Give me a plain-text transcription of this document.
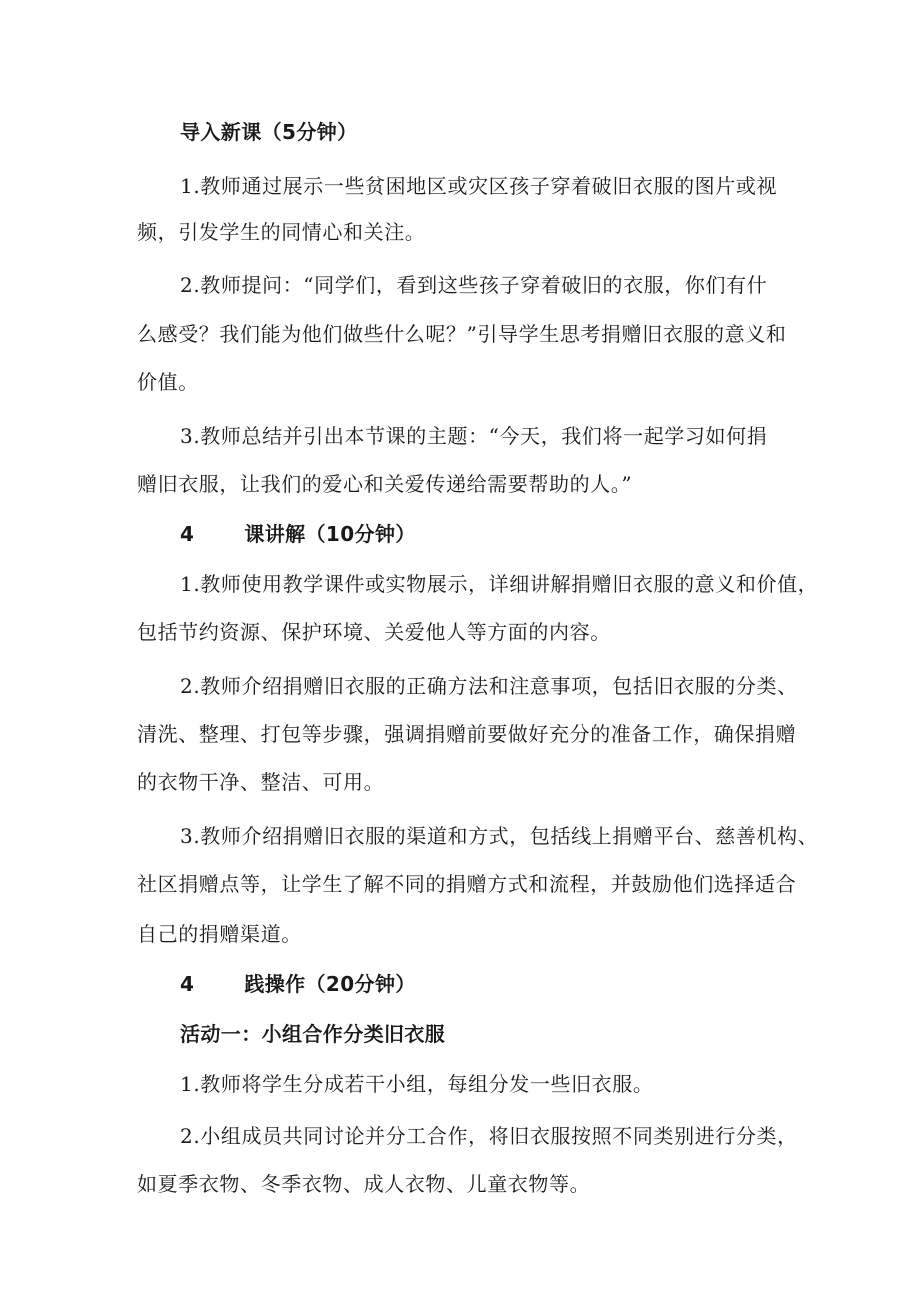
导入新课（5分钟）
1.教师通过展示一些贫困地区或灾区孩子穿着破旧衣服的图片或视
频，引发学生的同情心和关注。
2.教师提问：“同学们，看到这些孩子穿着破旧的衣服，你们有什
么感受？我们能为他们做些什么呢？”引导学生思考捐赠旧衣服的意义和
价值。
3.教师总结并引出本节课的主题：“今天，我们将一起学习如何捐
赠旧衣服，让我们的爱心和关爱传递给需要帮助的人。”
4	课讲解（10分钟）
1.教师使用教学课件或实物展示，详细讲解捐赠旧衣服的意义和价值，
包括节约资源、保护环境、关爱他人等方面的内容。
2.教师介绍捐赠旧衣服的正确方法和注意事项，包括旧衣服的分类、
清洗、整理、打包等步骤，强调捐赠前要做好充分的准备工作，确保捐赠
的衣物干净、整洁、可用。
3.教师介绍捐赠旧衣服的渠道和方式，包括线上捐赠平台、慈善机构、
社区捐赠点等，让学生了解不同的捐赠方式和流程，并鼓励他们选择适合
自己的捐赠渠道。
4	践操作（20分钟）
活动一：小组合作分类旧衣服
1.教师将学生分成若干小组，每组分发一些旧衣服。
2.小组成员共同讨论并分工合作，将旧衣服按照不同类别进行分类，
如夏季衣物、冬季衣物、成人衣物、儿童衣物等。
